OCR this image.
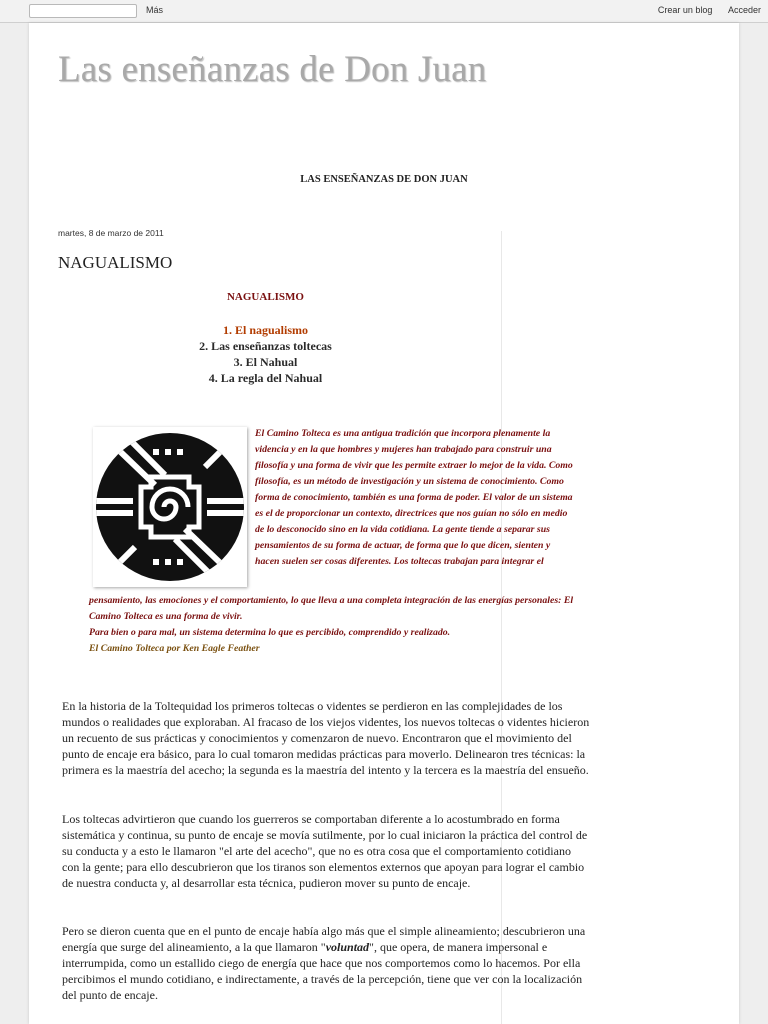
Más	Crear un blog Acceder
Las enseñanzas de Don Juan
LAS ENSEÑANZAS DE DON JUAN
martes, 8 de marzo de 2011
NAGUALISMO
NAGUALISMO
1. El nagualismo
2. Las enseñanzas toltecas
3. El Nahual
4. La regla del Nahual
El Camino Tolteca es una antigua tradición que incorpora plenamente la videncia y en la que hombres y mujeres han trabajado para construir una filosofía y una forma de vivir que les permite extraer lo mejor de la vida. Como filosofía, es un método de investigación y un sistema de conocimiento. Como forma de conocimiento, también es una forma de poder. El valor de un sistema es el de proporcionar un contexto, directrices que nos guían no sólo en medio de lo desconocido sino en la vida cotidiana. La gente tiende a separar sus pensamientos de su forma de actuar, de forma que lo que dicen, sienten y hacen suelen ser cosas diferentes. Los toltecas trabajan para integrar el
pensamiento, las emociones y el comportamiento, lo que lleva a una completa integración de las energías personales: El Camino Tolteca es una forma de vivir.
Para bien o para mal, un sistema determina lo que es percibido, comprendido y realizado.
El Camino Tolteca por Ken Eagle Feather
En la historia de la Toltequidad los primeros toltecas o videntes se perdieron en las complejidades de los mundos o realidades que exploraban. Al fracaso de los viejos videntes, los nuevos toltecas o videntes hicieron un recuento de sus prácticas y conocimientos y comenzaron de nuevo. Encontraron que el movimiento del punto de encaje era básico, para lo cual tomaron medidas prácticas para moverlo. Delinearon tres técnicas: la primera es la maestría del acecho; la segunda es la maestría del intento y la tercera es la maestría del ensueño.
Los toltecas advirtieron que cuando los guerreros se comportaban diferente a lo acostumbrado en forma sistemática y continua, su punto de encaje se movía sutilmente, por lo cual iniciaron la práctica del control de su conducta y a esto le llamaron "el arte del acecho", que no es otra cosa que el comportamiento cotidiano con la gente; para ello descubrieron que los tiranos son elementos externos que apoyan para lograr el cambio de nuestra conducta y, al desarrollar esta técnica, pudieron mover su punto de encaje.
Pero se dieron cuenta que en el punto de encaje había algo más que el simple alineamiento; descubrieron una energía que surge del alineamiento, a la que llamaron "voluntad", que opera, de manera impersonal e interrumpida, como un estallido ciego de energía que hace que nos comportemos como lo hacemos. Por ella percibimos el mundo cotidiano, e indirectamente, a través de la percepción, tiene que ver con la localización del punto de encaje.
